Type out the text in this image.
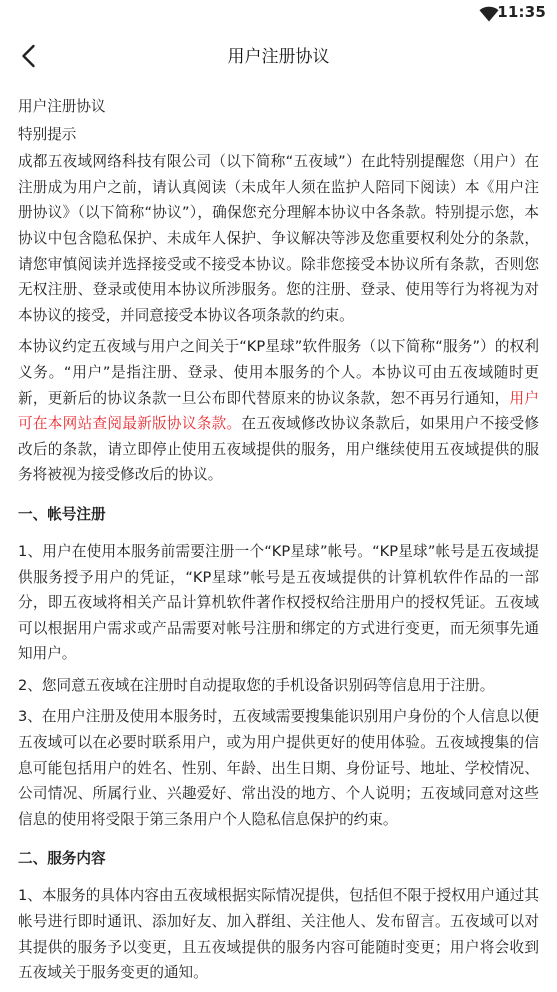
11:35
用户注册协议

用户注册协议

特别提示

成都五夜域网络科技有限公司（以下简称“五夜域”）在此特别提醒您（用户）在注册成为用户之前，请认真阅读（未成年人须在监护人陪同下阅读）本《用户注册协议》（以下简称“协议”），确保您充分理解本协议中各条款。特别提示您，本协议中包含隐私保护、未成年人保护、争议解决等涉及您重要权利处分的条款，请您审慎阅读并选择接受或不接受本协议。除非您接受本协议所有条款，否则您无权注册、登录或使用本协议所涉服务。您的注册、登录、使用等行为将视为对本协议的接受，并同意接受本协议各项条款的约束。

本协议约定五夜域与用户之间关于“KP星球”软件服务（以下简称“服务”）的权利义务。“用户”是指注册、登录、使用本服务的个人。本协议可由五夜域随时更新，更新后的协议条款一旦公布即代替原来的协议条款，恕不再另行通知，用户可在本网站查阅最新版协议条款。在五夜域修改协议条款后，如果用户不接受修改后的条款，请立即停止使用五夜域提供的服务，用户继续使用五夜域提供的服务将被视为接受修改后的协议。

一、帐号注册

1、用户在使用本服务前需要注册一个“KP星球”帐号。“KP星球”帐号是五夜域提供服务授予用户的凭证，“KP星球”帐号是五夜域提供的计算机软件作品的一部分，即五夜域将相关产品计算机软件著作权授权给注册用户的授权凭证。五夜域可以根据用户需求或产品需要对帐号注册和绑定的方式进行变更，而无须事先通知用户。

2、您同意五夜域在注册时自动提取您的手机设备识别码等信息用于注册。

3、在用户注册及使用本服务时，五夜域需要搜集能识别用户身份的个人信息以便五夜域可以在必要时联系用户，或为用户提供更好的使用体验。五夜域搜集的信息可能包括用户的姓名、性别、年龄、出生日期、身份证号、地址、学校情况、公司情况、所属行业、兴趣爱好、常出没的地方、个人说明；五夜域同意对这些信息的使用将受限于第三条用户个人隐私信息保护的约束。

二、服务内容

1、本服务的具体内容由五夜域根据实际情况提供，包括但不限于授权用户通过其帐号进行即时通讯、添加好友、加入群组、关注他人、发布留言。五夜域可以对其提供的服务予以变更，且五夜域提供的服务内容可能随时变更；用户将会收到五夜域关于服务变更的通知。
